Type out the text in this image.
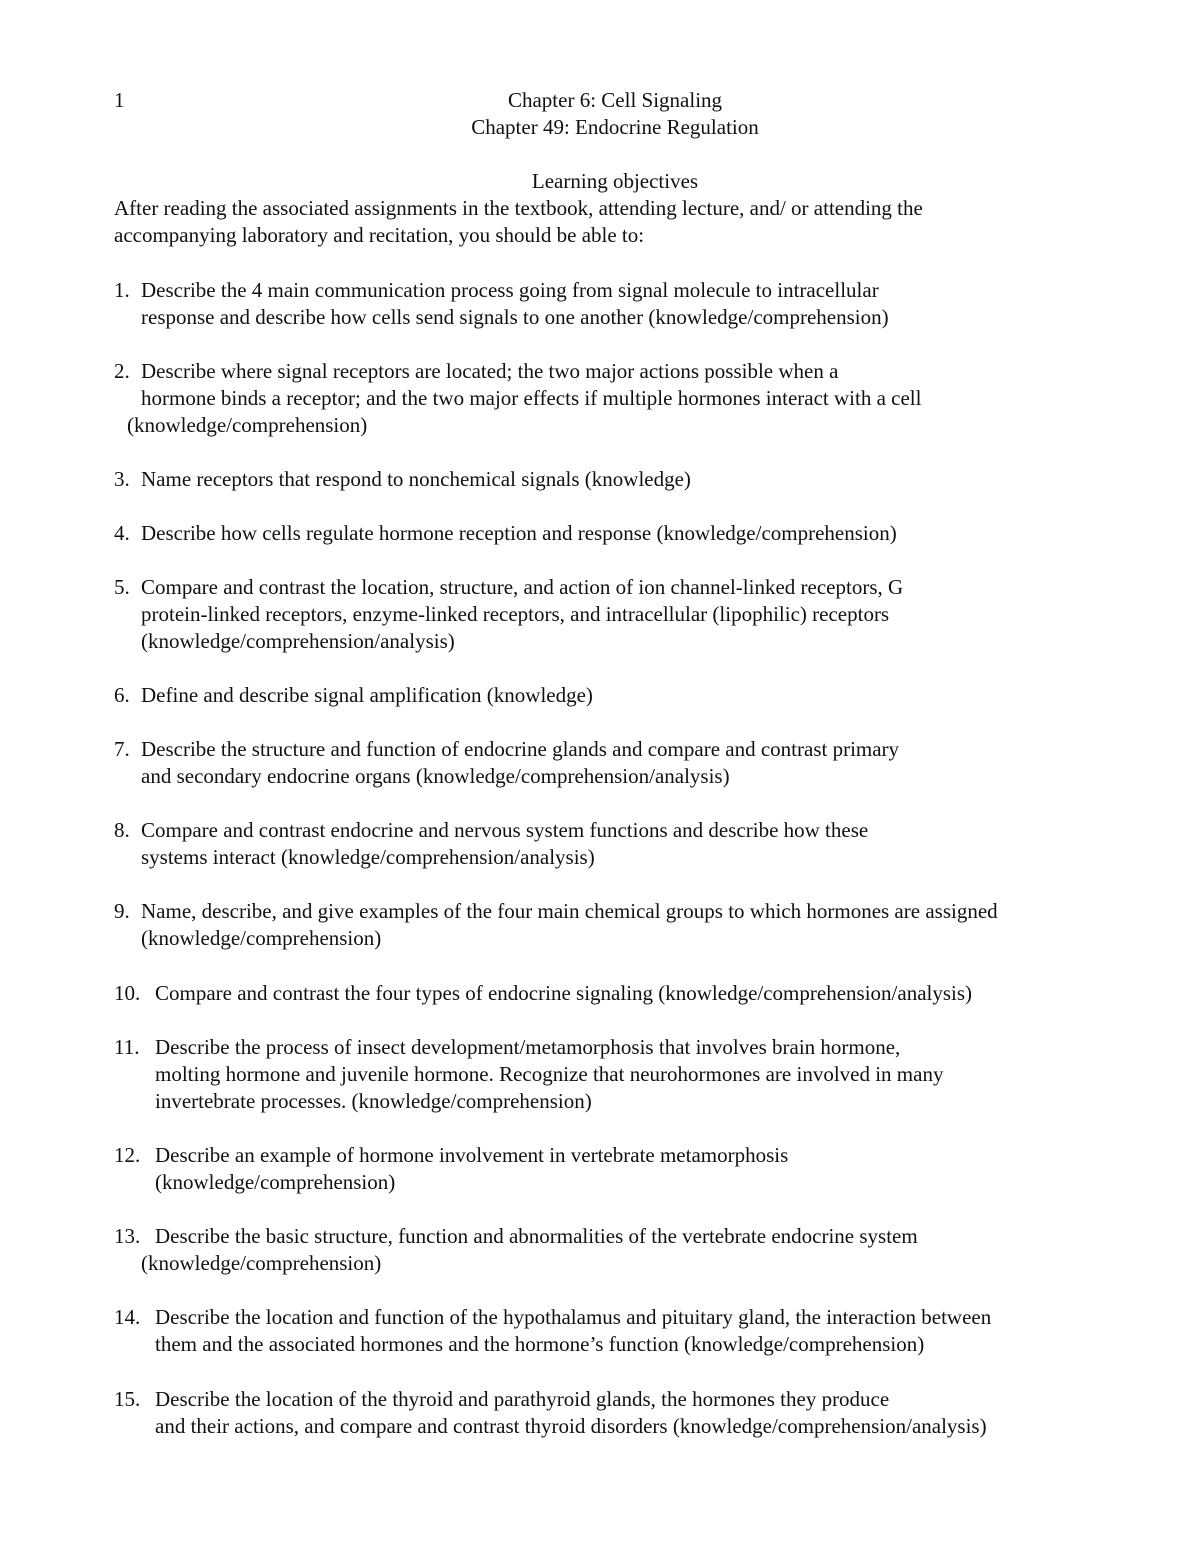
1	Chapter 6: Cell Signaling
Chapter 49: Endocrine Regulation
Learning objectives
After reading the associated assignments in the textbook, attending lecture, and/ or attending the
accompanying laboratory and recitation, you should be able to:
1. Describe the 4 main communication process going from signal molecule to intracellular
response and describe how cells send signals to one another (knowledge/comprehension)
2. Describe where signal receptors are located; the two major actions possible when a
hormone binds a receptor; and the two major effects if multiple hormones interact with a cell
(knowledge/comprehension)
3. Name receptors that respond to nonchemical signals (knowledge)
4. Describe how cells regulate hormone reception and response (knowledge/comprehension)
5. Compare and contrast the location, structure, and action of ion channel-linked receptors, G
protein-linked receptors, enzyme-linked receptors, and intracellular (lipophilic) receptors
(knowledge/comprehension/analysis)
6. Define and describe signal amplification (knowledge)
7. Describe the structure and function of endocrine glands and compare and contrast primary
and secondary endocrine organs (knowledge/comprehension/analysis)
8. Compare and contrast endocrine and nervous system functions and describe how these
systems interact (knowledge/comprehension/analysis)
9. Name, describe, and give examples of the four main chemical groups to which hormones are assigned
(knowledge/comprehension)
10. Compare and contrast the four types of endocrine signaling (knowledge/comprehension/analysis)
11. Describe the process of insect development/metamorphosis that involves brain hormone,
molting hormone and juvenile hormone. Recognize that neurohormones are involved in many
invertebrate processes. (knowledge/comprehension)
12. Describe an example of hormone involvement in vertebrate metamorphosis
(knowledge/comprehension)
13. Describe the basic structure, function and abnormalities of the vertebrate endocrine system
(knowledge/comprehension)
14. Describe the location and function of the hypothalamus and pituitary gland, the interaction between
them and the associated hormones and the hormone’s function (knowledge/comprehension)
15. Describe the location of the thyroid and parathyroid glands, the hormones they produce
and their actions, and compare and contrast thyroid disorders (knowledge/comprehension/analysis)
